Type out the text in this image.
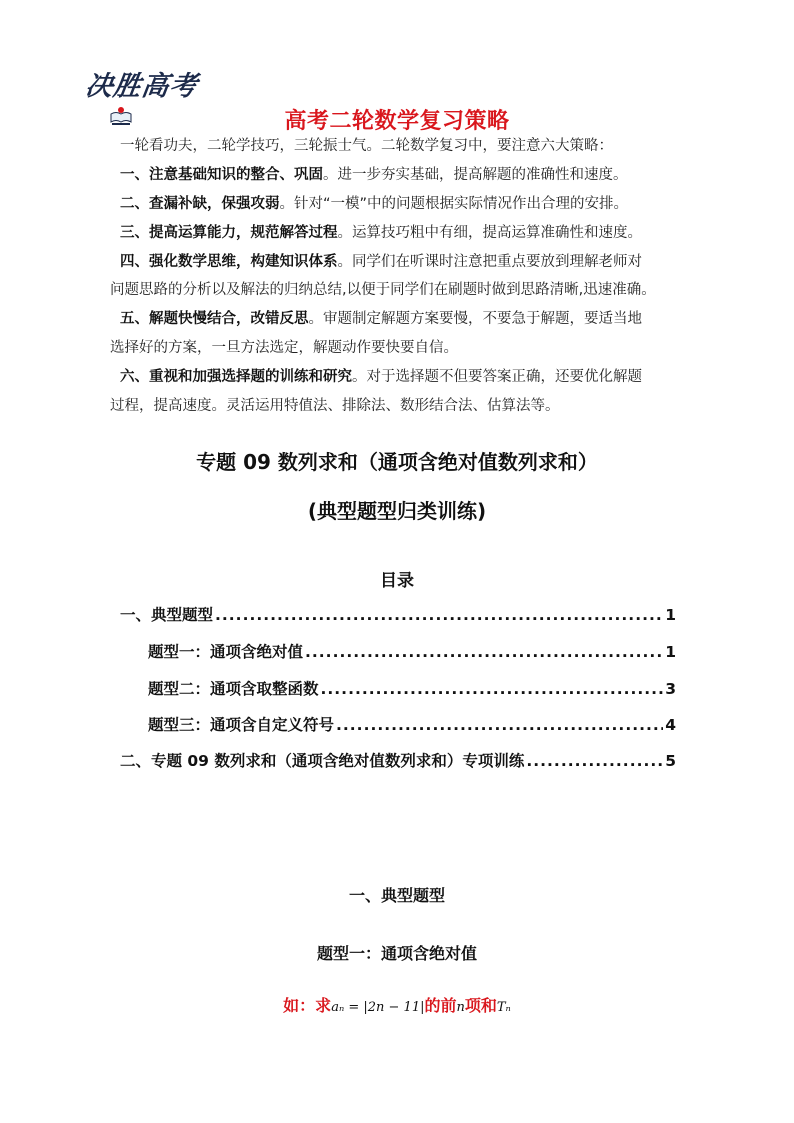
决胜高考
高考二轮数学复习策略
一轮看功夫，二轮学技巧，三轮振士气。二轮数学复习中，要注意六大策略：
一、注意基础知识的整合、巩固。进一步夯实基础，提高解题的准确性和速度。
二、查漏补缺，保强攻弱。针对“一模”中的问题根据实际情况作出合理的安排。
三、提高运算能力，规范解答过程。运算技巧粗中有细，提高运算准确性和速度。
四、强化数学思维，构建知识体系。同学们在听课时注意把重点要放到理解老师对
问题思路的分析以及解法的归纳总结,以便于同学们在刷题时做到思路清晰,迅速准确。
五、解题快慢结合，改错反思。审题制定解题方案要慢，不要急于解题，要适当地
选择好的方案，一旦方法选定，解题动作要快要自信。
六、重视和加强选择题的训练和研究。对于选择题不但要答案正确，还要优化解题
过程，提高速度。灵活运用特值法、排除法、数形结合法、估算法等。
专题 09 数列求和（通项含绝对值数列求和）
(典型题型归类训练)
目录
一、典型题型 .....	1
题型一：通项含绝对值 .....	1
题型二：通项含取整函数 .....	3
题型三：通项含自定义符号 .....	4
二、专题 09 数列求和（通项含绝对值数列求和）专项训练 .....	5
一、典型题型
题型一：通项含绝对值
如：求aₙ = |2n − 11|的前n项和Tₙ
